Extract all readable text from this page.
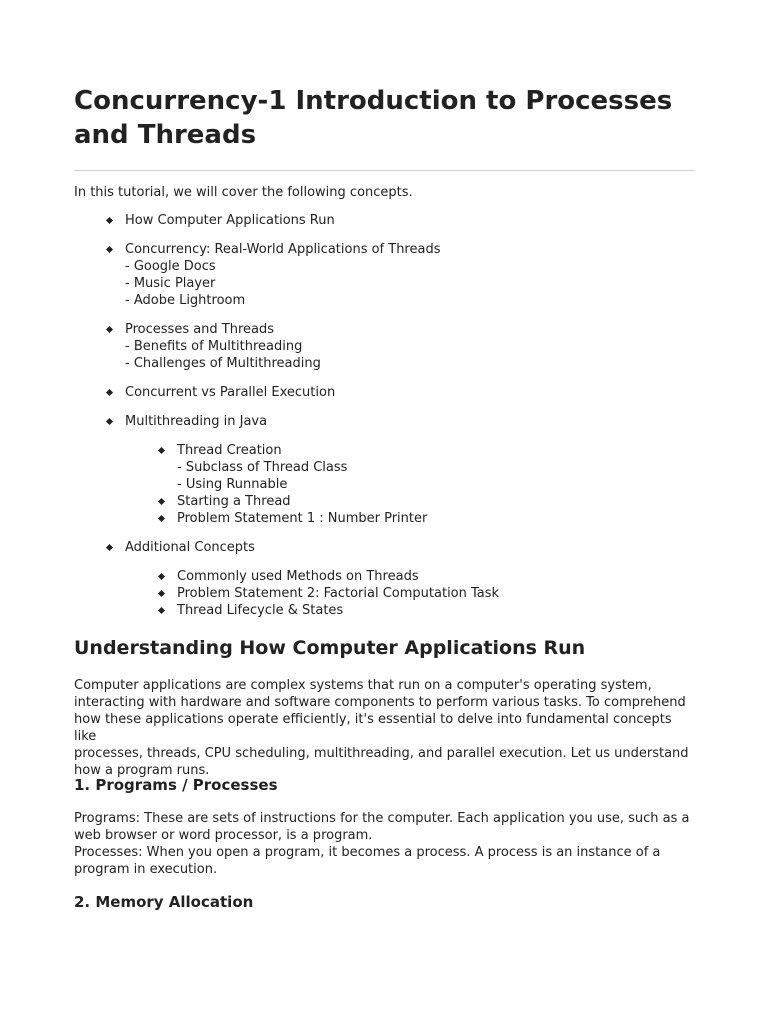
Concurrency-1 Introduction to Processes
and Threads

In this tutorial, we will cover the following concepts.

How Computer Applications Run
Concurrency: Real-World Applications of Threads
- Google Docs
- Music Player
- Adobe Lightroom
Processes and Threads
- Benefits of Multithreading
- Challenges of Multithreading
Concurrent vs Parallel Execution
Multithreading in Java
Thread Creation
- Subclass of Thread Class
- Using Runnable
Starting a Thread
Problem Statement 1 : Number Printer
Additional Concepts
Commonly used Methods on Threads
Problem Statement 2: Factorial Computation Task
Thread Lifecycle & States
Understanding How Computer Applications Run
Computer applications are complex systems that run on a computer's operating system,
interacting with hardware and software components to perform various tasks. To comprehend
how these applications operate efficiently, it's essential to delve into fundamental concepts like
processes, threads, CPU scheduling, multithreading, and parallel execution. Let us understand
how a program runs.
1. Programs / Processes
Programs: These are sets of instructions for the computer. Each application you use, such as a
web browser or word processor, is a program.
Processes: When you open a program, it becomes a process. A process is an instance of a
program in execution.
2. Memory Allocation
